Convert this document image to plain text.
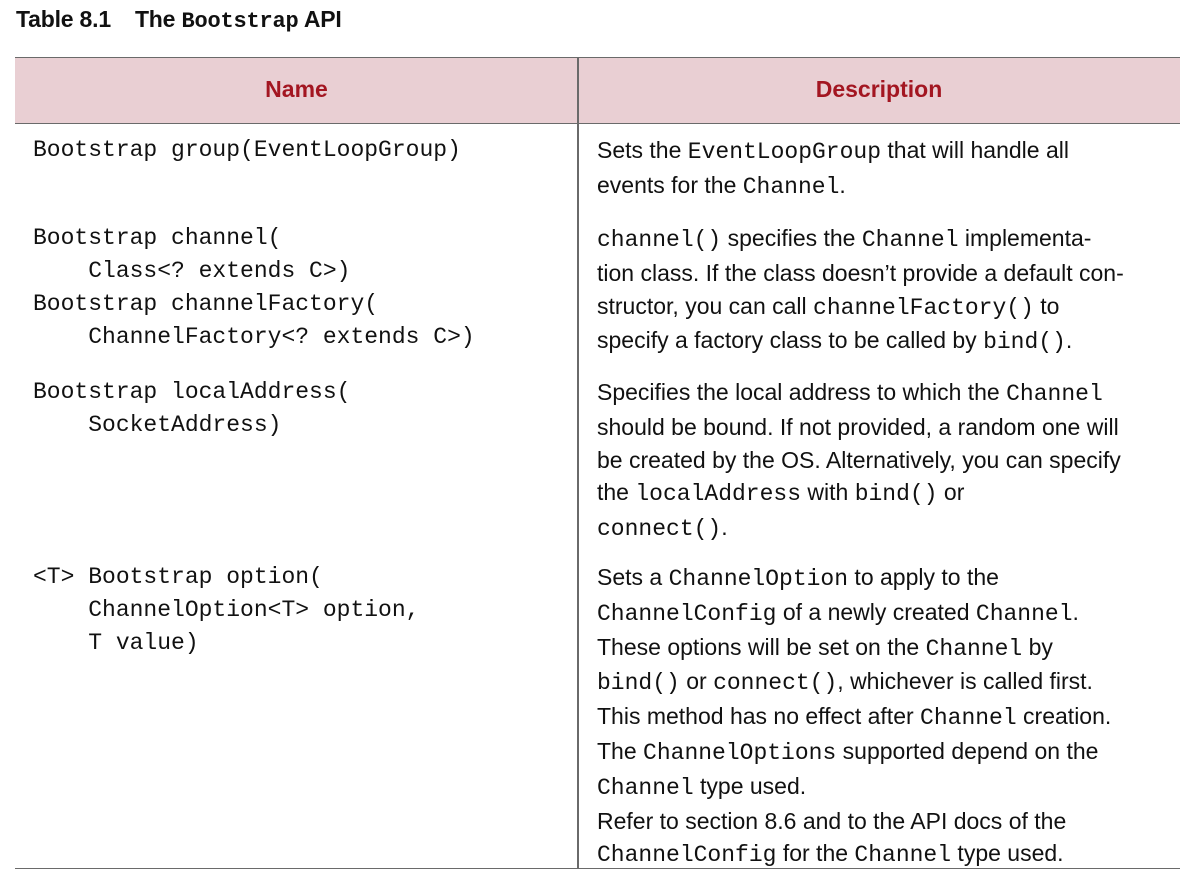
Table 8.1 The Bootstrap API
Name	Description
Bootstrap group(EventLoopGroup)	Sets the EventLoopGroup that will handle all
events for the Channel.
Bootstrap channel(
Class<? extends C>)
Bootstrap channelFactory(
ChannelFactory<? extends C>)
channel() specifies the Channel implementa-
tion class. If the class doesn’t provide a default con-
structor, you can call channelFactory() to
specify a factory class to be called by bind().
Bootstrap localAddress(
SocketAddress)
Specifies the local address to which the Channel
should be bound. If not provided, a random one will
be created by the OS. Alternatively, you can specify
the localAddress with bind() or
connect().
<T> Bootstrap option(
ChannelOption<T> option,
T value)
Sets a ChannelOption to apply to the
ChannelConfig of a newly created Channel.
These options will be set on the Channel by
bind() or connect(), whichever is called first.
This method has no effect after Channel creation.
The ChannelOptions supported depend on the
Channel type used.
Refer to section 8.6 and to the API docs of the
ChannelConfig for the Channel type used.
